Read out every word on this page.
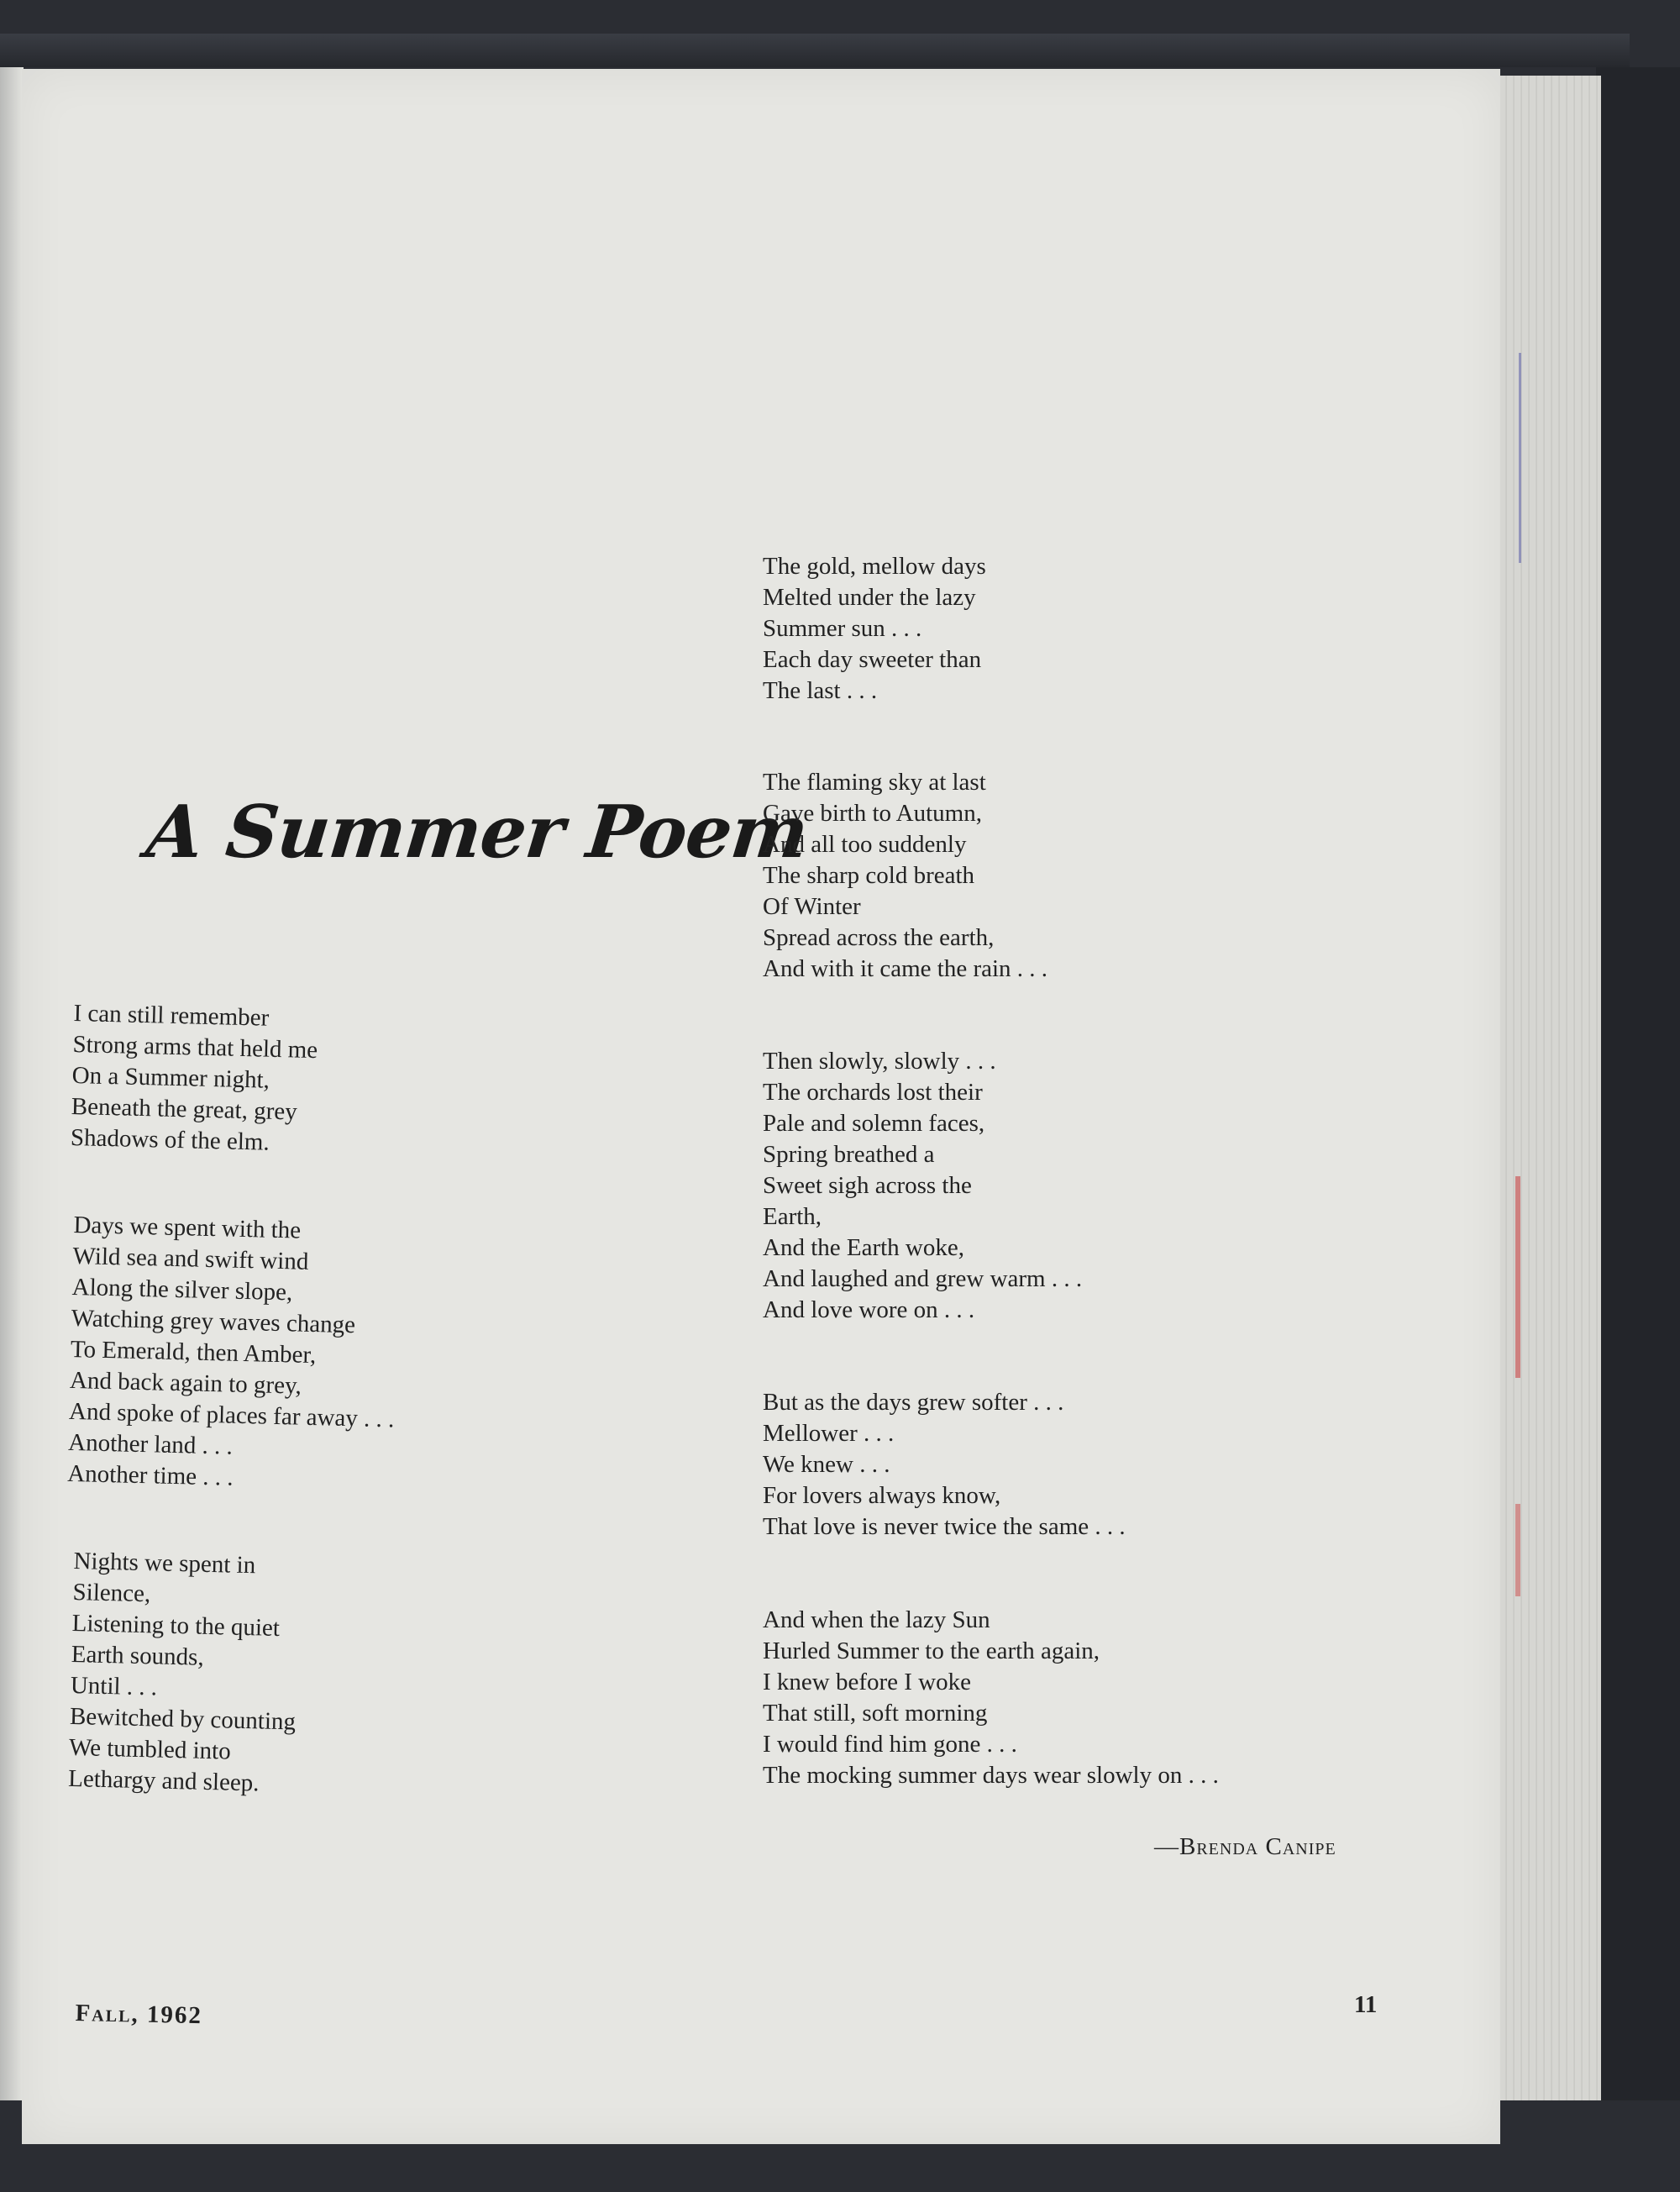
A Summer Poem
I can still remember
Strong arms that held me
On a Summer night,
Beneath the great, grey
Shadows of the elm.
Days we spent with the
Wild sea and swift wind
Along the silver slope,
Watching grey waves change
To Emerald, then Amber,
And back again to grey,
And spoke of places far away . . .
Another land . . .
Another time . . .
Nights we spent in
Silence,
Listening to the quiet
Earth sounds,
Until . . .
Bewitched by counting
We tumbled into
Lethargy and sleep.
The gold, mellow days
Melted under the lazy
Summer sun . . .
Each day sweeter than
The last . . .
The flaming sky at last
Gave birth to Autumn,
And all too suddenly
The sharp cold breath
Of Winter
Spread across the earth,
And with it came the rain . . .
Then slowly, slowly . . .
The orchards lost their
Pale and solemn faces,
Spring breathed a
Sweet sigh across the
Earth,
And the Earth woke,
And laughed and grew warm . . .
And love wore on . . .
But as the days grew softer . . .
Mellower . . .
We knew . . .
For lovers always know,
That love is never twice the same . . .
And when the lazy Sun
Hurled Summer to the earth again,
I knew before I woke
That still, soft morning
I would find him gone . . .
The mocking summer days wear slowly on . . .
—Brenda Canipe
Fall, 1962	11
